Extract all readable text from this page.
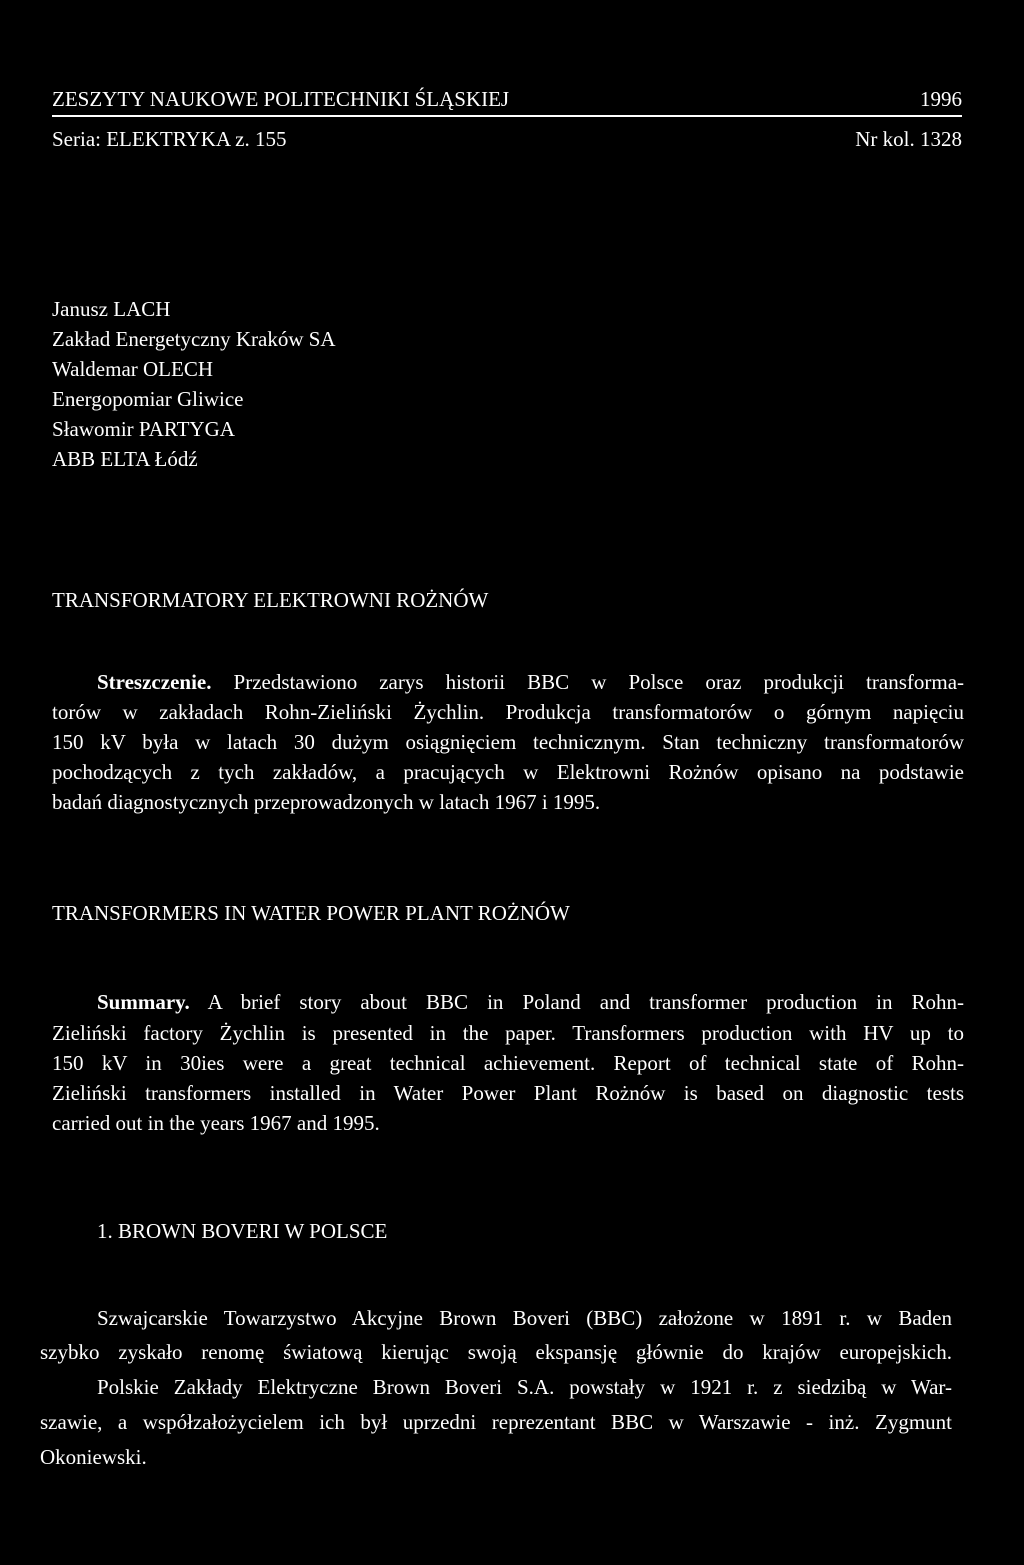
ZESZYTY NAUKOWE POLITECHNIKI ŚLĄSKIEJ	1996
Seria: ELEKTRYKA z. 155	Nr kol. 1328
Janusz LACH
Zakład Energetyczny Kraków SA
Waldemar OLECH
Energopomiar Gliwice
Sławomir PARTYGA
ABB ELTA Łódź
TRANSFORMATORY ELEKTROWNI ROŻNÓW
Streszczenie. Przedstawiono zarys historii BBC w Polsce oraz produkcji transforma-
torów w zakładach Rohn-Zieliński Żychlin. Produkcja transformatorów o górnym napięciu
150 kV była w latach 30 dużym osiągnięciem technicznym. Stan techniczny transformatorów
pochodzących z tych zakładów, a pracujących w Elektrowni Rożnów opisano na podstawie
badań diagnostycznych przeprowadzonych w latach 1967 i 1995.
TRANSFORMERS IN WATER POWER PLANT ROŻNÓW
Summary. A brief story about BBC in Poland and transformer production in Rohn-
Zieliński factory Żychlin is presented in the paper. Transformers production with HV up to
150 kV in 30ies were a great technical achievement. Report of technical state of Rohn-
Zieliński transformers installed in Water Power Plant Rożnów is based on diagnostic tests
carried out in the years 1967 and 1995.
1. BROWN BOVERI W POLSCE
Szwajcarskie Towarzystwo Akcyjne Brown Boveri (BBC) założone w 1891 r. w Baden
szybko zyskało renomę światową kierując swoją ekspansję głównie do krajów europejskich.
Polskie Zakłady Elektryczne Brown Boveri S.A. powstały w 1921 r. z siedzibą w War-
szawie, a współzałożycielem ich był uprzedni reprezentant BBC w Warszawie - inż. Zygmunt
Okoniewski.
